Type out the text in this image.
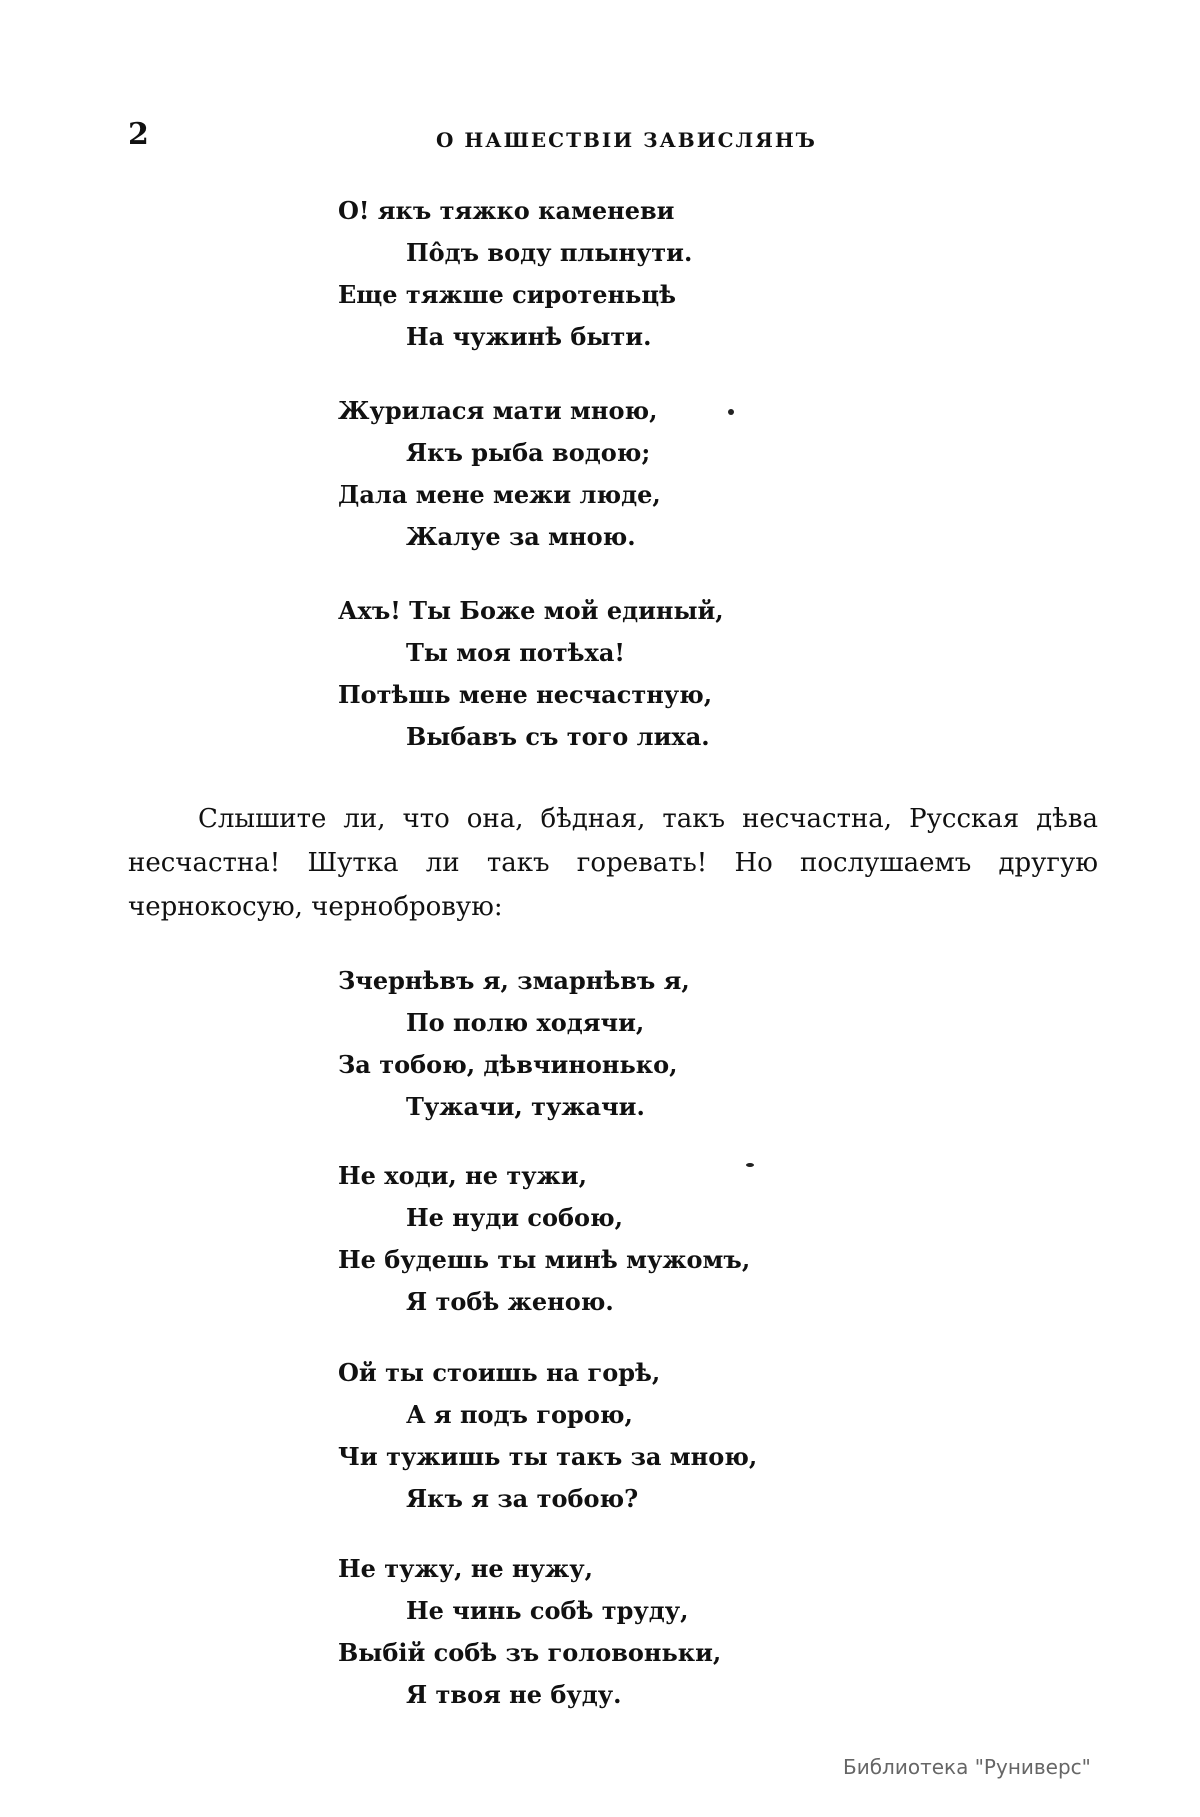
2	О НАШЕСТВІИ ЗАВИСЛЯНЪ
О! якъ тяжко каменеви
Пôдъ воду плынути.
Еще тяжше сиротеньцѣ
На чужинѣ быти.
Журилася мати мною,
Якъ рыба водою;
Дала мене межи люде,
Жалуе за мною.
Ахъ! Ты Боже мой единый,
Ты моя потѣха!
Потѣшь мене несчастную,
Выбавъ съ того лиха.
Слышите ли, что она, бѣдная, такъ несчастна, Русская дѣва
несчастна! Шутка ли такъ горевать! Но послушаемъ другую
чернокосую, чернобровую:
Зчернѣвъ я, змарнѣвъ я,
По полю ходячи,
За тобою, дѣвчинонько,
Тужачи, тужачи.
Не ходи, не тужи,
Не нуди собою,
Не будешь ты минѣ мужомъ,
Я тобѣ женою.
Ой ты стоишь на горѣ,
А я подъ горою,
Чи тужишь ты такъ за мною,
Якъ я за тобою?
Не тужу, не нужу,
Не чинь собѣ труду,
Выбій собѣ зъ головоньки,
Я твоя не буду.
Библиотека "Руниверс"
